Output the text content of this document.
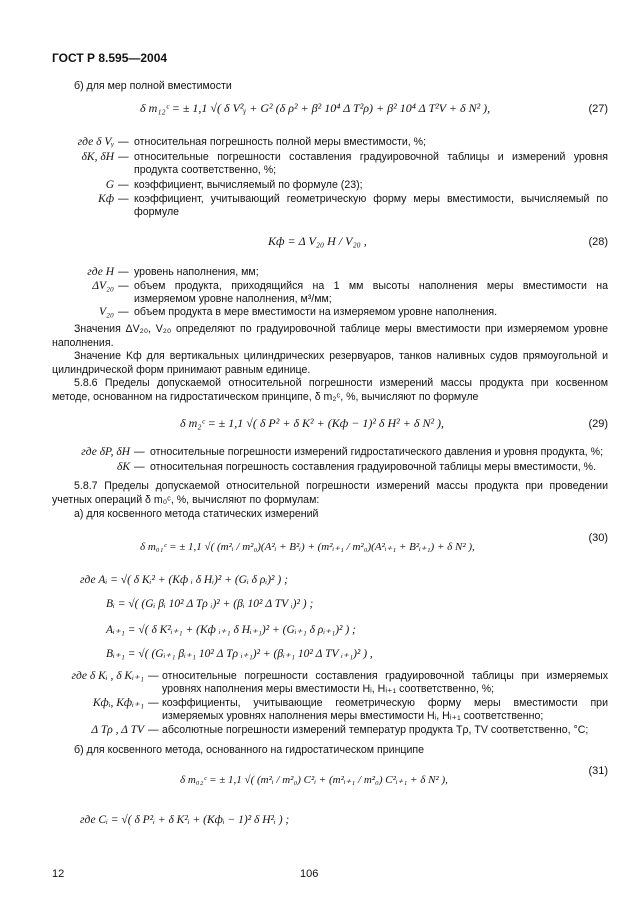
ГОСТ Р 8.595—2004
б) для мер полной вместимости
δ m₁₂ᶜ = ± 1,1 √( δ V²ᵧ + G² (δ ρ² + β² 10⁴ Δ T²ρ) + β² 10⁴ Δ T²V + δ N² ),	(27)
где δ Vᵧ — относительная погрешность полной меры вместимости, %;
δK, δH — относительные погрешности составления градуировочной таблицы и измерений уровня продукта соответственно, %;
G — коэффициент, вычисляемый по формуле (23);
Kф — коэффициент, учитывающий геометрическую форму меры вместимости, вычисляемый по формуле
Kф = Δ V₂₀ H / V₂₀ ,	(28)
где H — уровень наполнения, мм;
ΔV₂₀ — объем продукта, приходящийся на 1 мм высоты наполнения меры вместимости на измеряемом уровне наполнения, м³/мм;
V₂₀ — объем продукта в мере вместимости на измеряемом уровне наполнения.
Значения ΔV₂₀, V₂₀ определяют по градуировочной таблице меры вместимости при измеряемом уровне наполнения.
Значение Kф для вертикальных цилиндрических резервуаров, танков наливных судов прямоугольной и цилиндрической форм принимают равным единице.
5.8.6 Пределы допускаемой относительной погрешности измерений массы продукта при косвенном методе, основанном на гидростатическом принципе, δ m₂ᶜ, %, вычисляют по формуле
δ m₂ᶜ = ± 1,1 √( δ P² + δ K² + (Kф − 1)² δ H² + δ N² ),	(29)
где δP, δH — относительные погрешности измерений гидростатического давления и уровня продукта, %;
δK — относительная погрешность составления градуировочной таблицы меры вместимости, %.
5.8.7 Пределы допускаемой относительной погрешности измерений массы продукта при проведении учетных операций δ m₀ᶜ, %, вычисляют по формулам:
а) для косвенного метода статических измерений
δ m₀₁ᶜ = ± 1,1 √( (m²ᵢ / m²₀)(A²ᵢ + B²ᵢ) + (m²ᵢ₊₁ / m²₀)(A²ᵢ₊₁ + B²ᵢ₊₁) + δ N² ),
(30)
где Aᵢ = √( δ Kᵢ² + (Kф ᵢ δ Hᵢ)² + (Gᵢ δ ρᵢ)² ) ;
Bᵢ = √( (Gᵢ βᵢ 10² Δ Tρ ᵢ)² + (βᵢ 10² Δ TV ᵢ)² ) ;
Aᵢ₊₁ = √( δ K²ᵢ₊₁ + (Kф ᵢ₊₁ δ Hᵢ₊₁)² + (Gᵢ₊₁ δ ρᵢ₊₁)² ) ;
Bᵢ₊₁ = √( (Gᵢ₊₁ βᵢ₊₁ 10² Δ Tρ ᵢ₊₁)² + (βᵢ₊₁ 10² Δ TV ᵢ₊₁)² ) ,
где δ Kᵢ , δ Kᵢ₊₁ — относительные погрешности составления градуировочной таблицы при измеряемых уровнях наполнения меры вместимости Hᵢ, Hᵢ₊₁ соответственно, %;
Kфᵢ, Kфᵢ₊₁ — коэффициенты, учитывающие геометрическую форму меры вместимости при измеряемых уровнях наполнения меры вместимости Hᵢ, Hᵢ₊₁ соответственно;
Δ Tρ , Δ TV — абсолютные погрешности измерений температур продукта Tρ, TV соответственно, °С;
б) для косвенного метода, основанного на гидростатическом принципе
δ m₀₂ᶜ = ± 1,1 √( (m²ᵢ / m²₀) C²ᵢ + (m²ᵢ₊₁ / m²₀) C²ᵢ₊₁ + δ N² ),
(31)
где Cᵢ = √( δ P²ᵢ + δ K²ᵢ + (Kфᵢ − 1)² δ H²ᵢ ) ;
12	106
